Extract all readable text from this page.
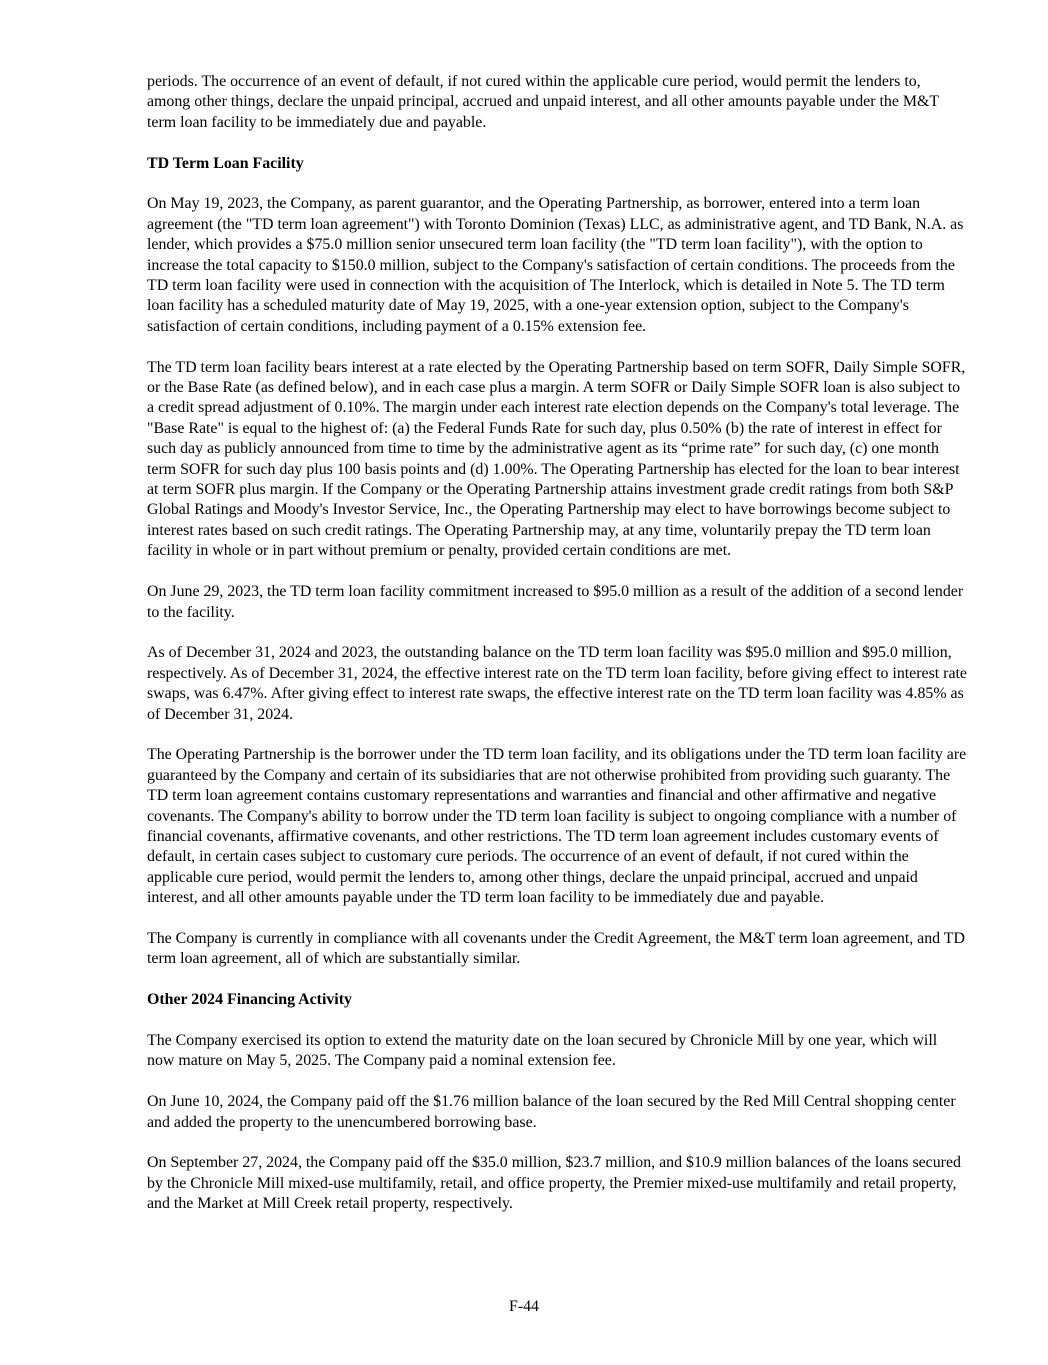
periods. The occurrence of an event of default, if not cured within the applicable cure period, would permit the lenders to, among other things, declare the unpaid principal, accrued and unpaid interest, and all other amounts payable under the M&T term loan facility to be immediately due and payable.

TD Term Loan Facility

On May 19, 2023, the Company, as parent guarantor, and the Operating Partnership, as borrower, entered into a term loan agreement (the "TD term loan agreement") with Toronto Dominion (Texas) LLC, as administrative agent, and TD Bank, N.A. as lender, which provides a $75.0 million senior unsecured term loan facility (the "TD term loan facility"), with the option to increase the total capacity to $150.0 million, subject to the Company's satisfaction of certain conditions. The proceeds from the TD term loan facility were used in connection with the acquisition of The Interlock, which is detailed in Note 5. The TD term loan facility has a scheduled maturity date of May 19, 2025, with a one-year extension option, subject to the Company's satisfaction of certain conditions, including payment of a 0.15% extension fee.

The TD term loan facility bears interest at a rate elected by the Operating Partnership based on term SOFR, Daily Simple SOFR, or the Base Rate (as defined below), and in each case plus a margin. A term SOFR or Daily Simple SOFR loan is also subject to a credit spread adjustment of 0.10%. The margin under each interest rate election depends on the Company's total leverage. The "Base Rate" is equal to the highest of: (a) the Federal Funds Rate for such day, plus 0.50% (b) the rate of interest in effect for such day as publicly announced from time to time by the administrative agent as its “prime rate” for such day, (c) one month term SOFR for such day plus 100 basis points and (d) 1.00%. The Operating Partnership has elected for the loan to bear interest at term SOFR plus margin. If the Company or the Operating Partnership attains investment grade credit ratings from both S&P Global Ratings and Moody's Investor Service, Inc., the Operating Partnership may elect to have borrowings become subject to interest rates based on such credit ratings. The Operating Partnership may, at any time, voluntarily prepay the TD term loan facility in whole or in part without premium or penalty, provided certain conditions are met.

On June 29, 2023, the TD term loan facility commitment increased to $95.0 million as a result of the addition of a second lender to the facility.

As of December 31, 2024 and 2023, the outstanding balance on the TD term loan facility was $95.0 million and $95.0 million, respectively. As of December 31, 2024, the effective interest rate on the TD term loan facility, before giving effect to interest rate swaps, was 6.47%. After giving effect to interest rate swaps, the effective interest rate on the TD term loan facility was 4.85% as of December 31, 2024.

The Operating Partnership is the borrower under the TD term loan facility, and its obligations under the TD term loan facility are guaranteed by the Company and certain of its subsidiaries that are not otherwise prohibited from providing such guaranty. The TD term loan agreement contains customary representations and warranties and financial and other affirmative and negative covenants. The Company's ability to borrow under the TD term loan facility is subject to ongoing compliance with a number of financial covenants, affirmative covenants, and other restrictions. The TD term loan agreement includes customary events of default, in certain cases subject to customary cure periods. The occurrence of an event of default, if not cured within the applicable cure period, would permit the lenders to, among other things, declare the unpaid principal, accrued and unpaid interest, and all other amounts payable under the TD term loan facility to be immediately due and payable.

The Company is currently in compliance with all covenants under the Credit Agreement, the M&T term loan agreement, and TD term loan agreement, all of which are substantially similar.

Other 2024 Financing Activity

The Company exercised its option to extend the maturity date on the loan secured by Chronicle Mill by one year, which will now mature on May 5, 2025. The Company paid a nominal extension fee.

On June 10, 2024, the Company paid off the $1.76 million balance of the loan secured by the Red Mill Central shopping center and added the property to the unencumbered borrowing base.

On September 27, 2024, the Company paid off the $35.0 million, $23.7 million, and $10.9 million balances of the loans secured by the Chronicle Mill mixed-use multifamily, retail, and office property, the Premier mixed-use multifamily and retail property, and the Market at Mill Creek retail property, respectively.

F-44
